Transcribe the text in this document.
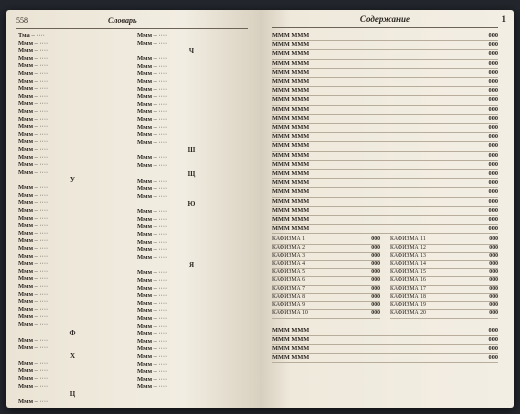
558	Словарь
Тма – ····
Ммм – ····
Ммм – ····
Ммм – ····
Ммм – ····
Ммм – ····
Ммм – ····
Ммм – ····
Ммм – ····
Ммм – ····
Ммм – ····
Ммм – ····
Ммм – ····
Ммм – ····
Ммм – ····
Ммм – ····
Ммм – ····
Ммм – ····
Ммм – ····
У
Ммм – ····
Ммм – ····
Ммм – ····
Ммм – ····
Ммм – ····
Ммм – ····
Ммм – ····
Ммм – ····
Ммм – ····
Ммм – ····
Ммм – ····
Ммм – ····
Ммм – ····
Ммм – ····
Ммм – ····
Ммм – ····
Ммм – ····
Ммм – ····
Ммм – ····
Ф
Ммм – ····
Ммм – ····
Х
Ммм – ····
Ммм – ····
Ммм – ····
Ммм – ····
Ц
Ммм – ····
Ммм – ····
Ммм – ····
Ч
Ммм – ····
Ммм – ····
Ммм – ····
Ммм – ····
Ммм – ····
Ммм – ····
Ммм – ····
Ммм – ····
Ммм – ····
Ммм – ····
Ммм – ····
Ммм – ····
Ш
Ммм – ····
Ммм – ····
Щ
Ммм – ····
Ммм – ····
Ммм – ····
Ю
Ммм – ····
Ммм – ····
Ммм – ····
Ммм – ····
Ммм – ····
Ммм – ····
Ммм – ····
Я
Ммм – ····
Ммм – ····
Ммм – ····
Ммм – ····
Ммм – ····
Ммм – ····
Ммм – ····
Ммм – ····
Ммм – ····
Ммм – ····
Ммм – ····
Ммм – ····
Ммм – ····
Ммм – ····
Ммм – ····
Ммм – ····
1
Содержание
МММ МММ	000
МММ МММ	000
МММ МММ	000
МММ МММ	000
МММ МММ	000
МММ МММ	000
МММ МММ	000
МММ МММ	000
МММ МММ	000
МММ МММ	000
МММ МММ	000
МММ МММ	000
МММ МММ	000
МММ МММ	000
МММ МММ	000
МММ МММ	000
МММ МММ	000
МММ МММ	000
МММ МММ	000
МММ МММ	000
МММ МММ	000
МММ МММ	000
КАФИЗМА 1	000
КАФИЗМА 2	000
КАФИЗМА 3	000
КАФИЗМА 4	000
КАФИЗМА 5	000
КАФИЗМА 6	000
КАФИЗМА 7	000
КАФИЗМА 8	000
КАФИЗМА 9	000
КАФИЗМА 10	000
КАФИЗМА 11	000
КАФИЗМА 12	000
КАФИЗМА 13	000
КАФИЗМА 14	000
КАФИЗМА 15	000
КАФИЗМА 16	000
КАФИЗМА 17	000
КАФИЗМА 18	000
КАФИЗМА 19	000
КАФИЗМА 20	000
МММ МММ	000
МММ МММ	000
МММ МММ	000
МММ МММ	000
